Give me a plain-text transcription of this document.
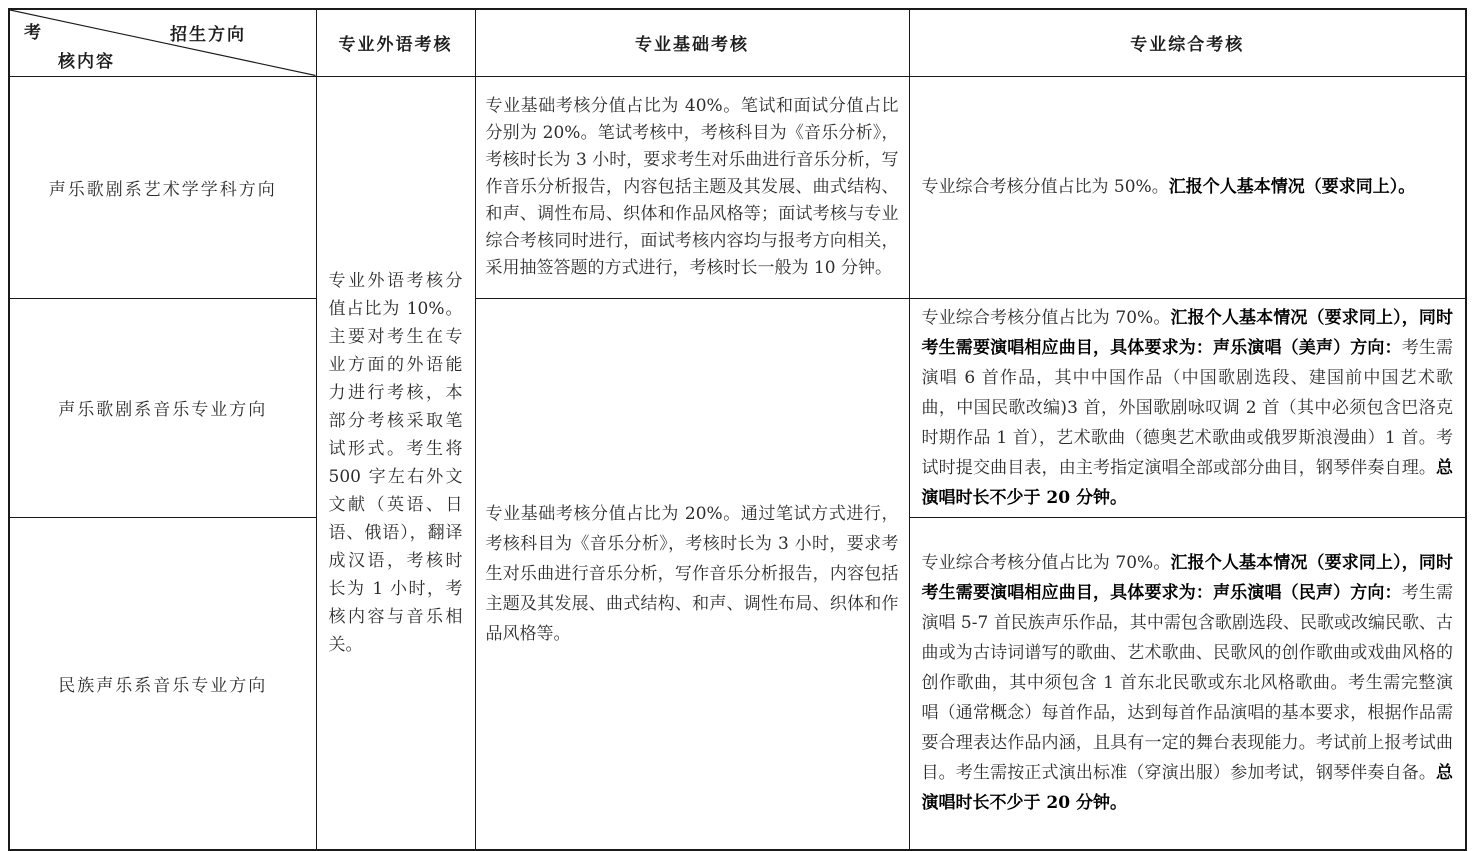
考 招生方向
核内容	专业外语考核	专业基础考核	专业综合考核
声乐歌剧系艺术学学科方向	专业外语考核分值占比为 10%。主要对考生在专业方面的外语能力进行考核，本部分考核采取笔试形式。考生将 500 字左右外文文献（英语、日语、俄语），翻译成汉语，考核时长为 1 小时，考核内容与音乐相关。	专业基础考核分值占比为 40%。笔试和面试分值占比分别为 20%。笔试考核中，考核科目为《音乐分析》，考核时长为 3 小时，要求考生对乐曲进行音乐分析，写作音乐分析报告，内容包括主题及其发展、曲式结构、和声、调性布局、织体和作品风格等；面试考核与专业综合考核同时进行，面试考核内容均与报考方向相关，采用抽签答题的方式进行，考核时长一般为 10 分钟。	专业综合考核分值占比为 50%。汇报个人基本情况（要求同上）。
声乐歌剧系音乐专业方向		专业基础考核分值占比为 20%。通过笔试方式进行，考核科目为《音乐分析》，考核时长为 3 小时，要求考生对乐曲进行音乐分析，写作音乐分析报告，内容包括主题及其发展、曲式结构、和声、调性布局、织体和作品风格等。	专业综合考核分值占比为 70%。汇报个人基本情况（要求同上），同时考生需要演唱相应曲目，具体要求为：声乐演唱（美声）方向：考生需演唱 6 首作品，其中中国作品（中国歌剧选段、建国前中国艺术歌曲，中国民歌改编)3 首，外国歌剧咏叹调 2 首（其中必须包含巴洛克时期作品 1 首），艺术歌曲（德奥艺术歌曲或俄罗斯浪漫曲）1 首。考试时提交曲目表，由主考指定演唱全部或部分曲目，钢琴伴奏自理。总演唱时长不少于 20 分钟。
民族声乐系音乐专业方向			专业综合考核分值占比为 70%。汇报个人基本情况（要求同上），同时考生需要演唱相应曲目，具体要求为：声乐演唱（民声）方向：考生需演唱 5-7 首民族声乐作品，其中需包含歌剧选段、民歌或改编民歌、古曲或为古诗词谱写的歌曲、艺术歌曲、民歌风的创作歌曲或戏曲风格的创作歌曲，其中须包含 1 首东北民歌或东北风格歌曲。考生需完整演唱（通常概念）每首作品，达到每首作品演唱的基本要求，根据作品需要合理表达作品内涵，且具有一定的舞台表现能力。考试前上报考试曲目。考生需按正式演出标准（穿演出服）参加考试，钢琴伴奏自备。总演唱时长不少于 20 分钟。
